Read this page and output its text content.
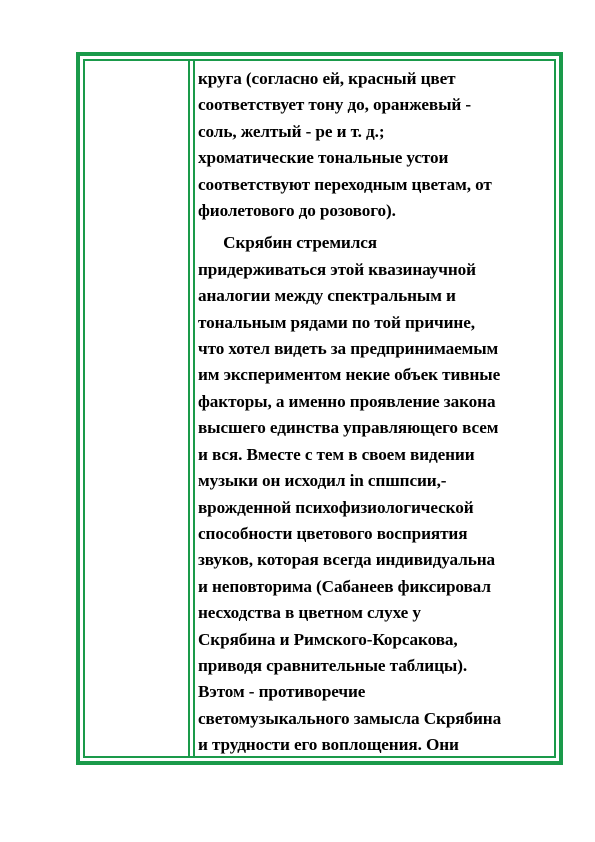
круга (согласно ей, красный цвет
соответствует тону до, оранжевый -
соль, желтый - ре и т. д.;
хроматические тональные устои
соответствуют переходным цветам, от
фиолетового до розового).
Скрябин стремился
придерживаться этой квазинаучной
аналогии между спектральным и
тональным рядами по той причине,
что хотел видеть за предпринимаемым
им экспериментом некие объек тивные
факторы, а именно проявление закона
высшего единства управляющего всем
и вся. Вместе с тем в своем видении
музыки он исходил in спшпсии,-
врожденной психофизиологической
способности цветового восприятия
звуков, которая всегда индивидуальна
и неповторима (Сабанеев фиксировал
несходства в цветном слухе у
Скрябина и Римского-Корсакова,
приводя сравнительные таблицы).
Вэтом - противоречие
светомузыкального замысла Скрябина
и трудности его воплощения. Они
